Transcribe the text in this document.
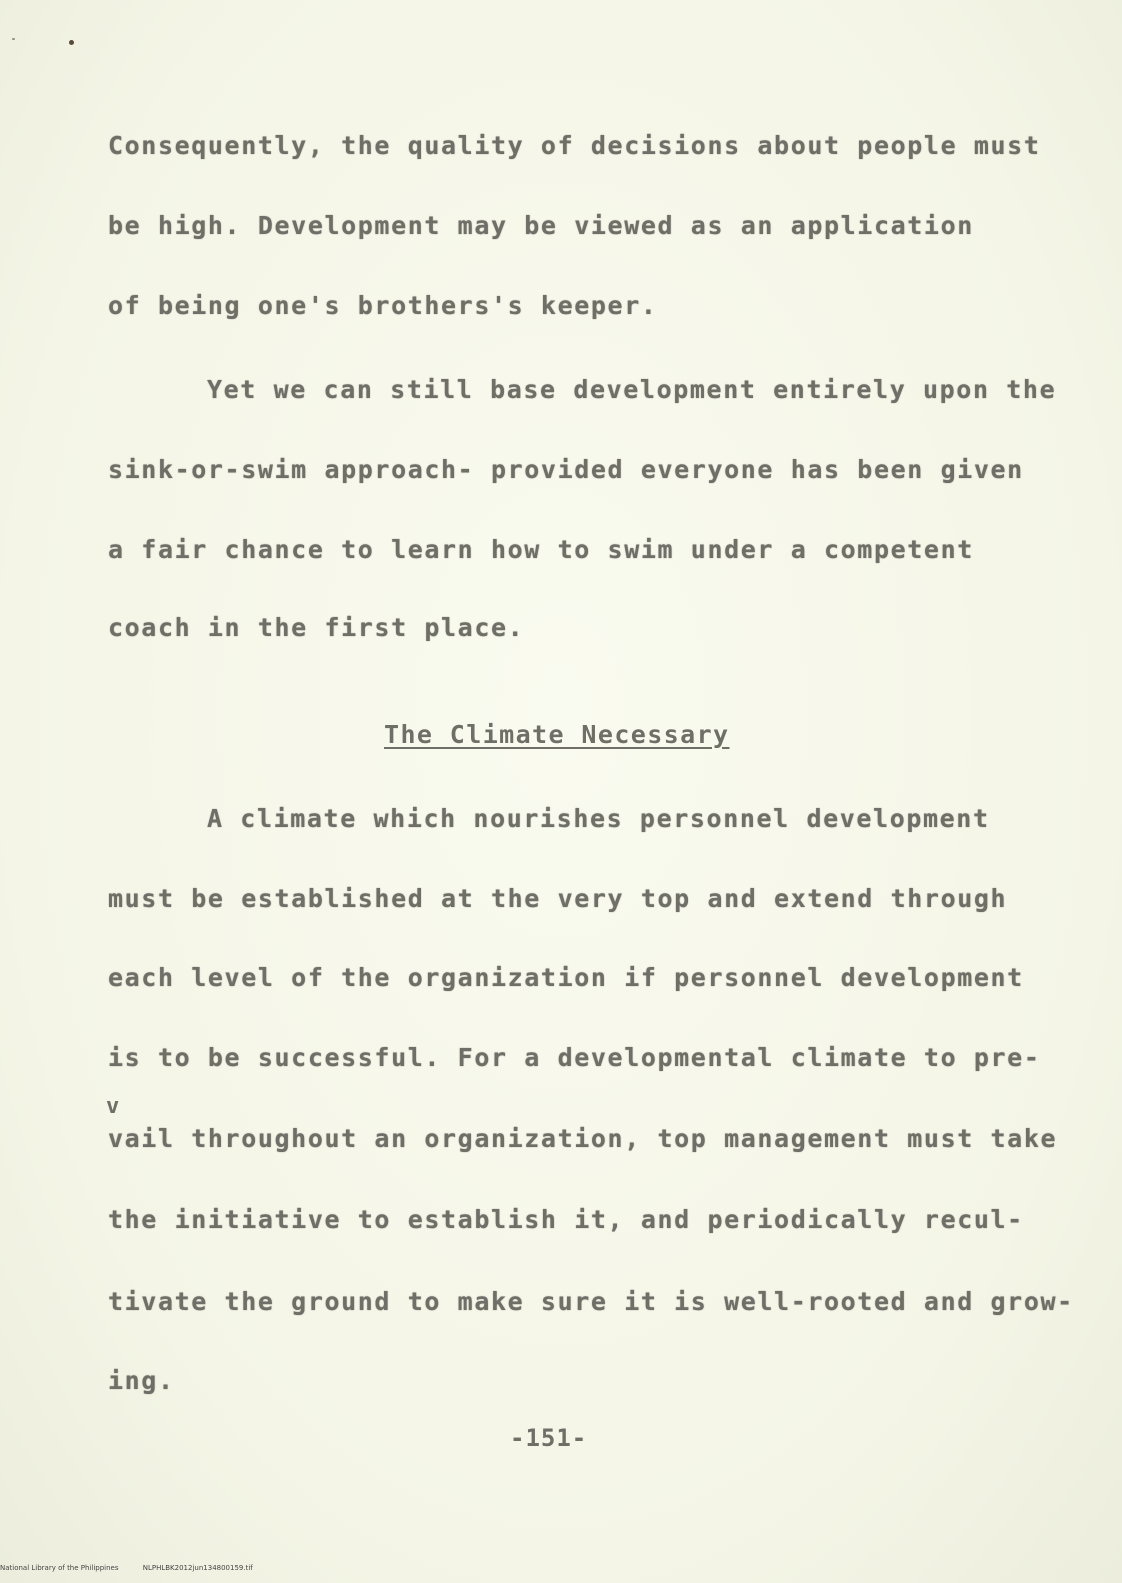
Consequently, the quality of decisions about people must
be high. Development may be viewed as an application
of being one's brothers's keeper.
Yet we can still base development entirely upon the
sink-or-swim approach- provided everyone has been given
a fair chance to learn how to swim under a competent
coach in the first place.
The Climate Necessary
A climate which nourishes personnel development
must be established at the very top and extend through
each level of the organization if personnel development
is to be successful. For a developmental climate to pre-
v
vail throughout an organization, top management must take
the initiative to establish it, and periodically recul-
tivate the ground to make sure it is well-rooted and grow-
ing.
-151-
National Library of the Philippines	NLPHLBK2012jun134800159.tif
